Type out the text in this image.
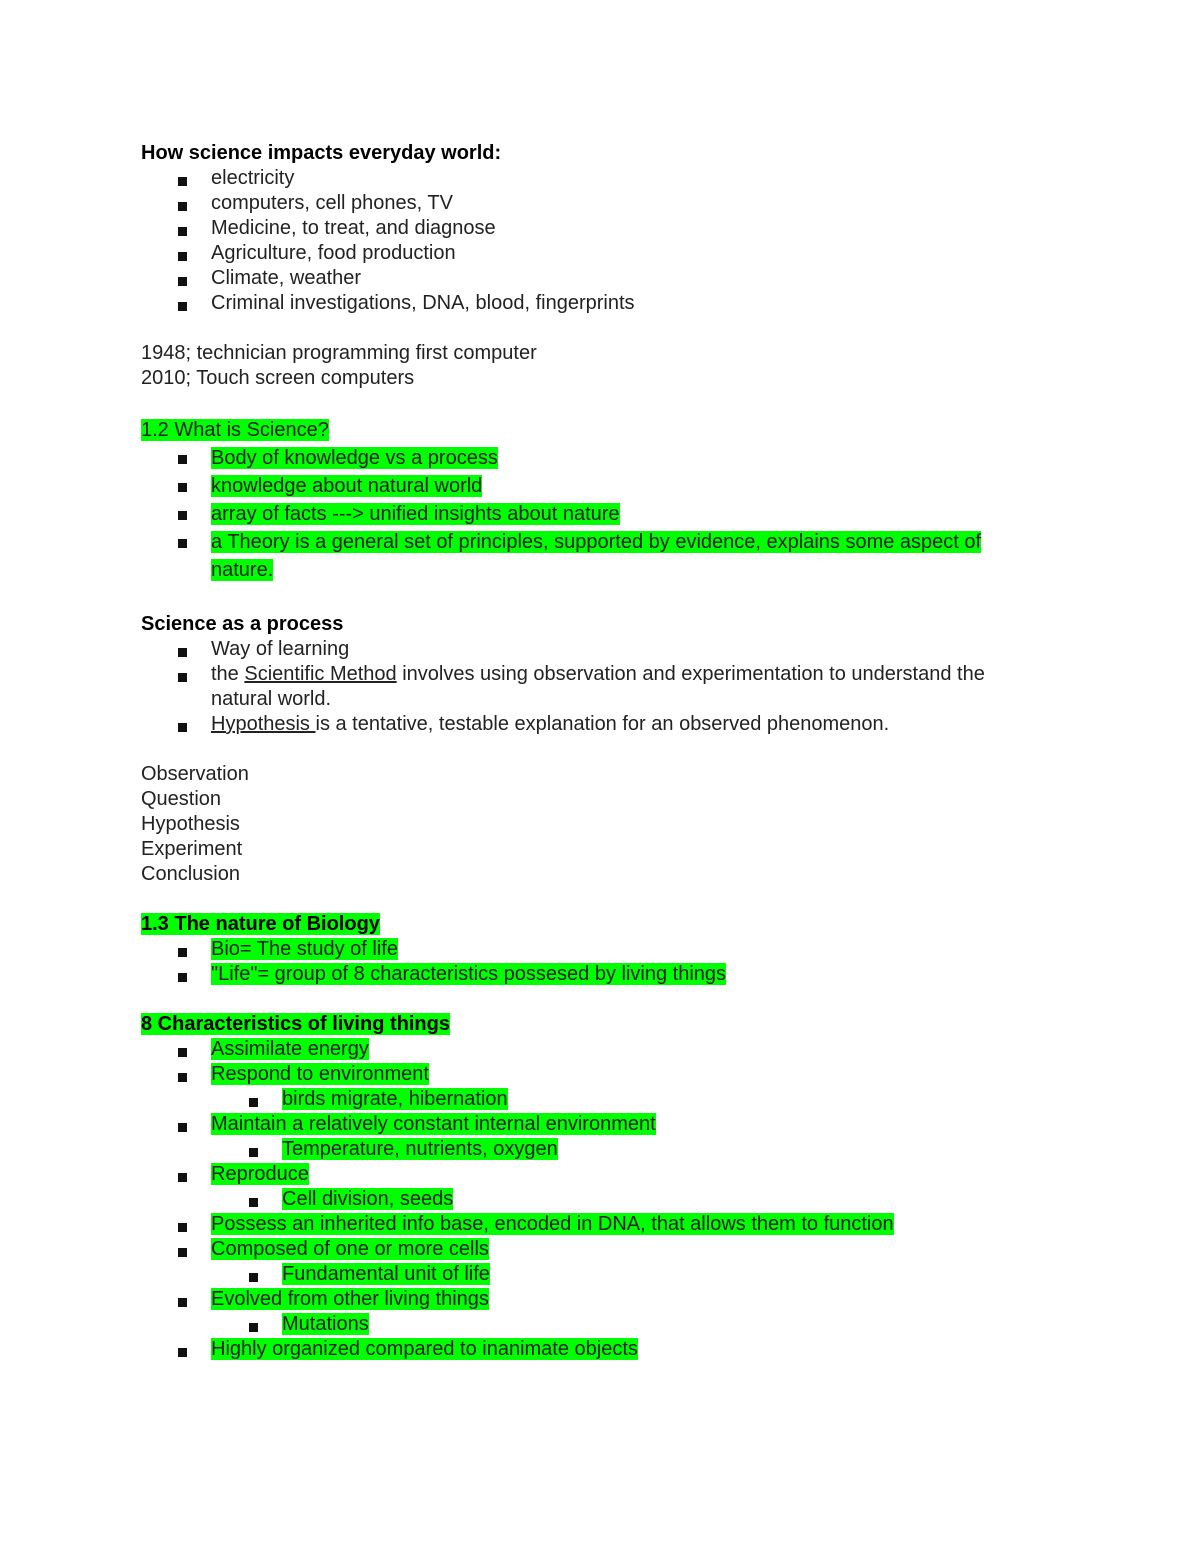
How science impacts everyday world:
electricity
computers, cell phones, TV
Medicine, to treat, and diagnose
Agriculture, food production
Climate, weather
Criminal investigations, DNA, blood, fingerprints
1948; technician programming first computer
2010; Touch screen computers
1.2 What is Science?
Body of knowledge vs a process
knowledge about natural world
array of facts ---> unified insights about nature
a Theory is a general set of principles, supported by evidence, explains some aspect of
nature.
Science as a process
Way of learning
the Scientific Method involves using observation and experimentation to understand the
natural world.
Hypothesis is a tentative, testable explanation for an observed phenomenon.
Observation
Question
Hypothesis
Experiment
Conclusion
1.3 The nature of Biology
Bio= The study of life
"Life"= group of 8 characteristics possesed by living things
8 Characteristics of living things
Assimilate energy
Respond to environment
birds migrate, hibernation
Maintain a relatively constant internal environment
Temperature, nutrients, oxygen
Reproduce
Cell division, seeds
Possess an inherited info base, encoded in DNA, that allows them to function
Composed of one or more cells
Fundamental unit of life
Evolved from other living things
Mutations
Highly organized compared to inanimate objects
